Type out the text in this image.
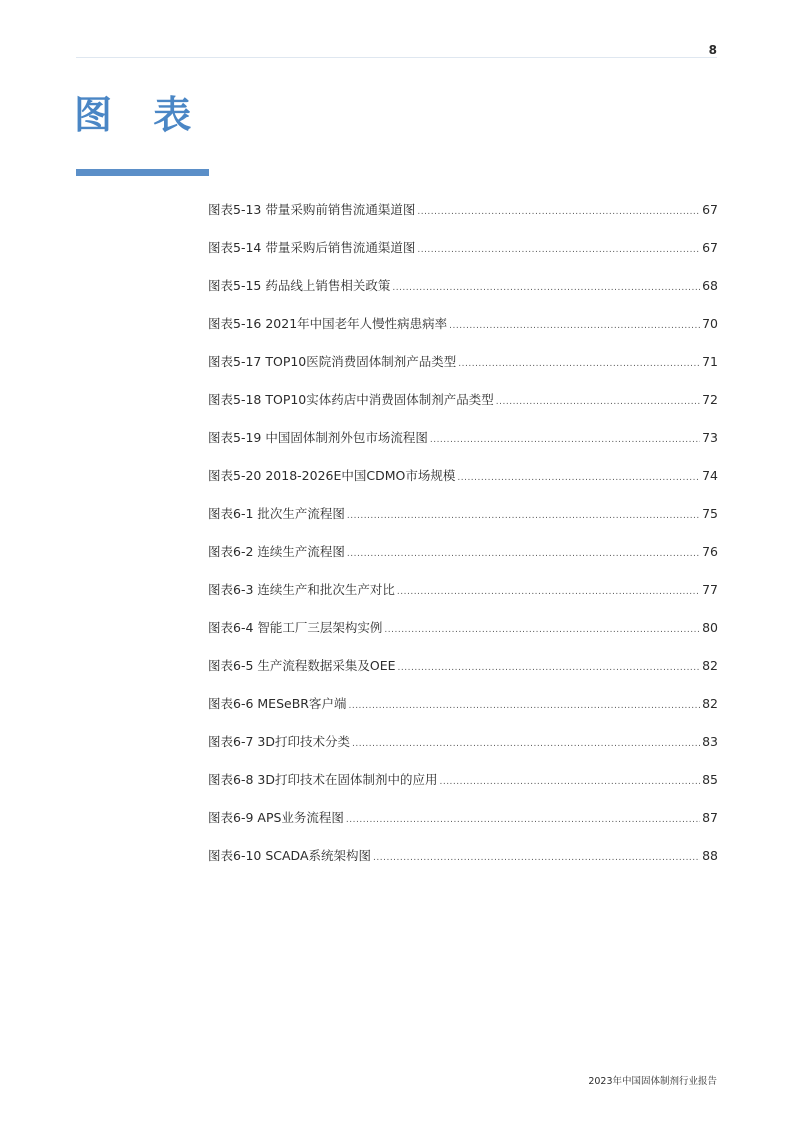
8
图 表
图表5-13 带量采购前销售流通渠道图 .....	67
图表5-14 带量采购后销售流通渠道图 .....	67
图表5-15 药品线上销售相关政策 .....	68
图表5-16 2021年中国老年人慢性病患病率 .....	70
图表5-17 TOP10医院消费固体制剂产品类型 .....	71
图表5-18 TOP10实体药店中消费固体制剂产品类型 .....	72
图表5-19 中国固体制剂外包市场流程图 .....	73
图表5-20 2018-2026E中国CDMO市场规模 .....	74
图表6-1 批次生产流程图 .....	75
图表6-2 连续生产流程图 .....	76
图表6-3 连续生产和批次生产对比 .....	77
图表6-4 智能工厂三层架构实例 .....	80
图表6-5 生产流程数据采集及OEE .....	82
图表6-6 MESeBR客户端 .....	82
图表6-7 3D打印技术分类 .....	83
图表6-8 3D打印技术在固体制剂中的应用 .....	85
图表6-9 APS业务流程图 .....	87
图表6-10 SCADA系统架构图 .....	88
2023年中国固体制剂行业报告
